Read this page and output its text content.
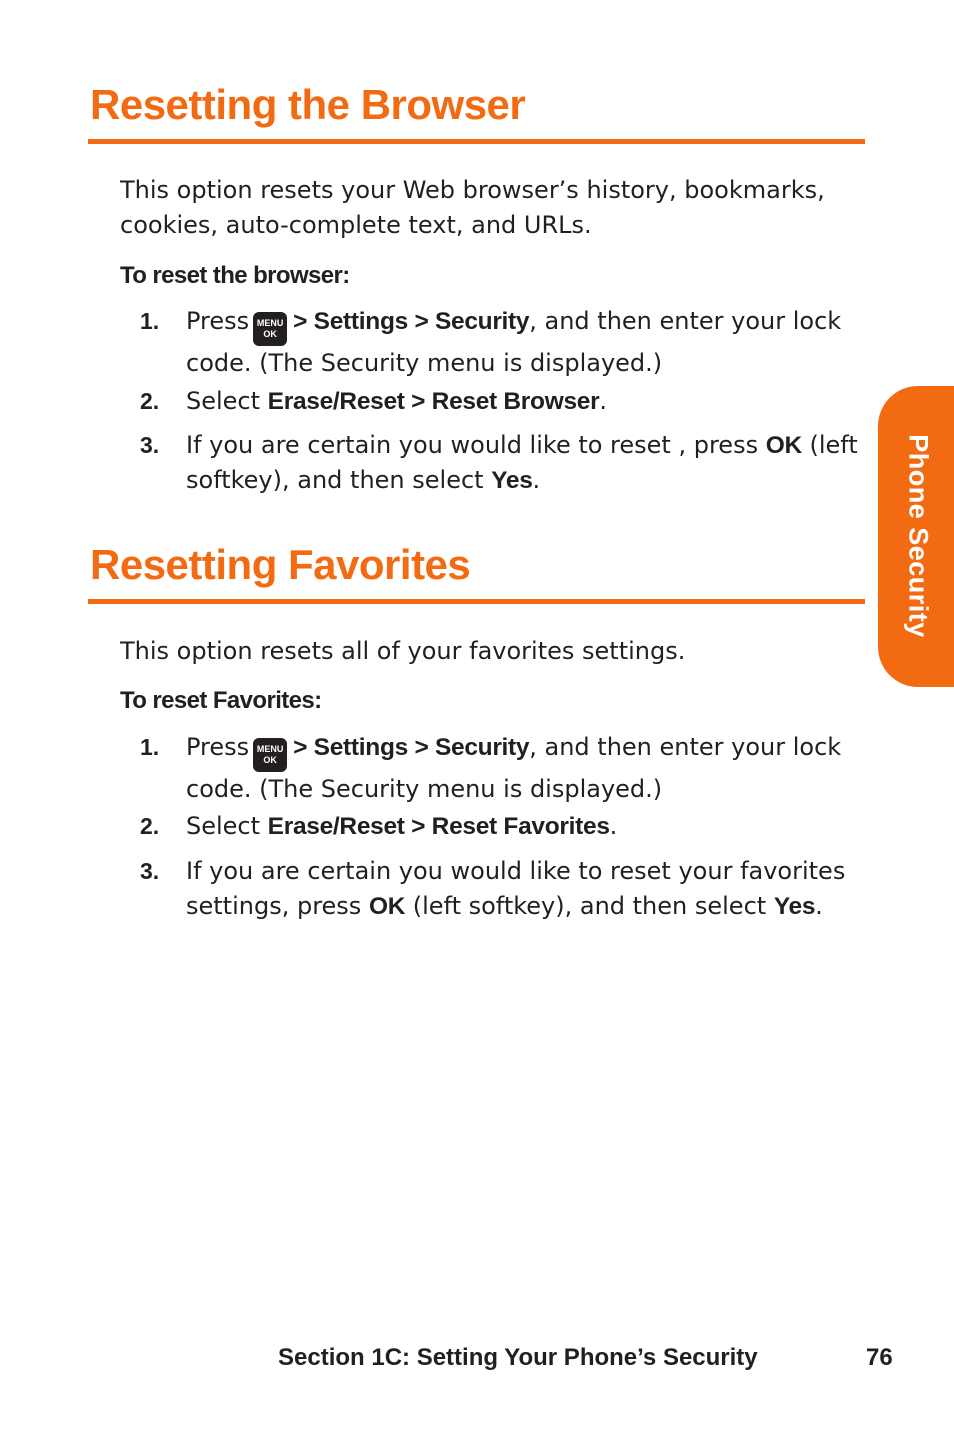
Resetting the Browser

This option resets your Web browser’s history, bookmarks, cookies, auto-complete text, and URLs.

To reset the browser:

1. Press MENU
OK > Settings > Security, and then enter your lock code. (The Security menu is displayed.)
2. Select Erase/Reset > Reset Browser.
3. If you are certain you would like to reset , press OK (left softkey), and then select Yes.
Resetting Favorites

This option resets all of your favorites settings.

To reset Favorites:

1. Press MENU
OK > Settings > Security, and then enter your lock code. (The Security menu is displayed.)
2. Select Erase/Reset > Reset Favorites.
3. If you are certain you would like to reset your favorites settings, press OK (left softkey), and then select Yes.
Phone Security
Section 1C: Setting Your Phone’s Security	76
